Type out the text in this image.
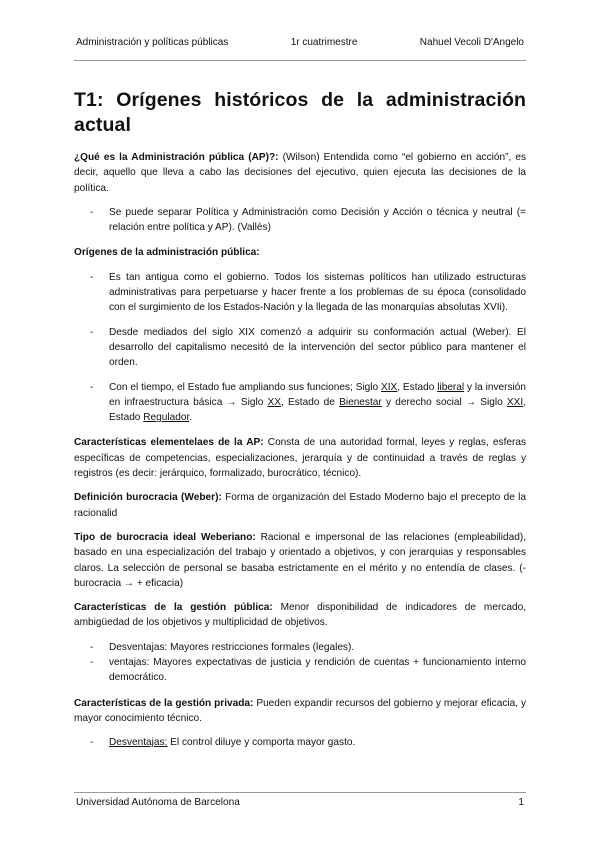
Administración y políticas públicas	1r cuatrimestre	Nahuel Vecoli D'Angelo
T1: Orígenes históricos de la administración actual

¿Qué es la Administración pública (AP)?: (Wilson) Entendida como “el gobierno en acción”, es decir, aquello que lleva a cabo las decisiones del ejecutivo, quien ejecuta las decisiones de la política.

- Se puede separar Política y Administración como Decisión y Acción o técnica y neutral (= relación entre política y AP). (Vallès)

Orígenes de la administración pública:

- Es tan antigua como el gobierno. Todos los sistemas políticos han utilizado estructuras administrativas para perpetuarse y hacer frente a los problemas de su época (consolidado con el surgimiento de los Estados-Nación y la llegada de las monarquías absolutas XVIi).
- Desde mediados del siglo XIX comenzó a adquirir su conformación actual (Weber). El desarrollo del capitalismo necesitó de la intervención del sector público para mantener el orden.
- Con el tiempo, el Estado fue ampliando sus funciones; Siglo XIX, Estado liberal y la inversión en infraestructura básica → Siglo XX, Estado de Bienestar y derecho social → Siglo XXI, Estado Regulador.

Características elementelaes de la AP: Consta de una autoridad formal, leyes y reglas, esferas específicas de competencias, especializaciones, jerarquía y de continuidad a través de reglas y registros (es decir: jerárquico, formalizado, burocrático, técnico).

Definición burocracia (Weber): Forma de organización del Estado Moderno bajo el precepto de la racionalid

Tipo de burocracia ideal Weberiano: Racional e impersonal de las relaciones (empleabilidad), basado en una especialización del trabajo y orientado a objetivos, y con jerarquias y responsables claros. La selección de personal se basaba estrictamente en el mérito y no entendía de clases. (- burocracia → + eficacia)

Características de la gestión pública: Menor disponibilidad de indicadores de mercado, ambigüedad de los objetivos y multiplicidad de objetivos.

- Desventajas: Mayores restricciones formales (legales).
- ventajas: Mayores expectativas de justicia y rendición de cuentas + funcionamiento interno democrático.

Características de la gestión privada: Pueden expandir recursos del gobierno y mejorar eficacia, y mayor conocimiento técnico.

- Desventajas: El control diluye y comporta mayor gasto.
Universidad Autónoma de Barcelona	1
